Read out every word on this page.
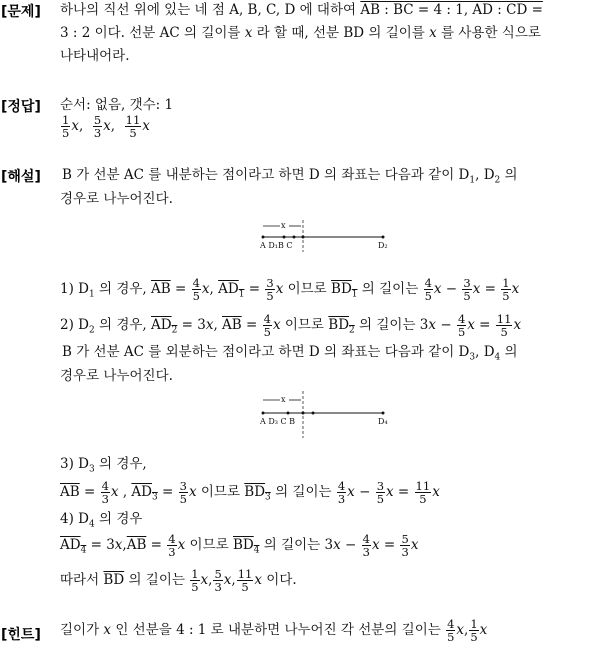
[문제] 하나의 직선 위에 있는 네 점 A, B, C, D 에 대하여 AB : BC = 4 : 1, AD : CD =
3 : 2 이다. 선분 AC 의 길이를 x 라 할 때, 선분 BD 의 길이를 x 를 사용한 식으로
나타내어라.
[정답] 순서: 없음, 갯수: 1
$\frac{1}{5} x$, $\frac{5}{3} x$, $\frac{11}{5}$ x
[해설] B 가 선분 AC 를 내분하는 점이라고 하면 D 의 좌표는 다음과 같이 $D_1$, $D_2$ 의
경우로 나누어진다.
x
A D₁B C	D₂
1) $D_1$ 의 경우, $\overline{AB} = \frac{4}{5} x$, $AD_1 = \frac{3}{5}$ x 이므로 $BD_1$ 의 길이는 $\frac{4}{5}$ $x - \frac{3}{5}$ $x = \frac{1}{5}$ x
2) $D_2$ 의 경우, $AD_2 = 3x$, $\overline{AB} = \frac{4}{5}$ x 이므로 $BD_2$ 의 길이는 $3x - \frac{4}{5}$ $x = \frac{11}{5}$ x
B 가 선분 AC 를 외분하는 점이라고 하면 D 의 좌표는 다음과 같이 $D_3$, $D_4$ 의
경우로 나누어진다.
x
A D₃ C B	D₄
3) $D_3$ 의 경우,
$\overline{AB} = \frac{4}{3}$ x , $AD_3 = \frac{3}{5}$ x 이므로 $BD_3$ 의 길이는 $\frac{4}{3}$ $x - \frac{3}{5}$ $x = \frac{11}{5}$ x
4) $D_4$ 의 경우
$AD_4 = 3x,\overline{AB} = \frac{4}{3}$ x 이므로 $BD_4$ 의 길이는 $3x - \frac{4}{3}$ $x = \frac{5}{3}$ x
따라서 $\overline{BD}$ 의 길이는 $\frac{1}{5} x$, $\frac{5}{3} x$, $\frac{11}{5}$ x 이다.
[힌트] 길이가 x 인 선분을 4 : 1 로 내분하면 나누어진 각 선분의 길이는 $\frac{4}{5} x$, $\frac{1}{5}$ x
